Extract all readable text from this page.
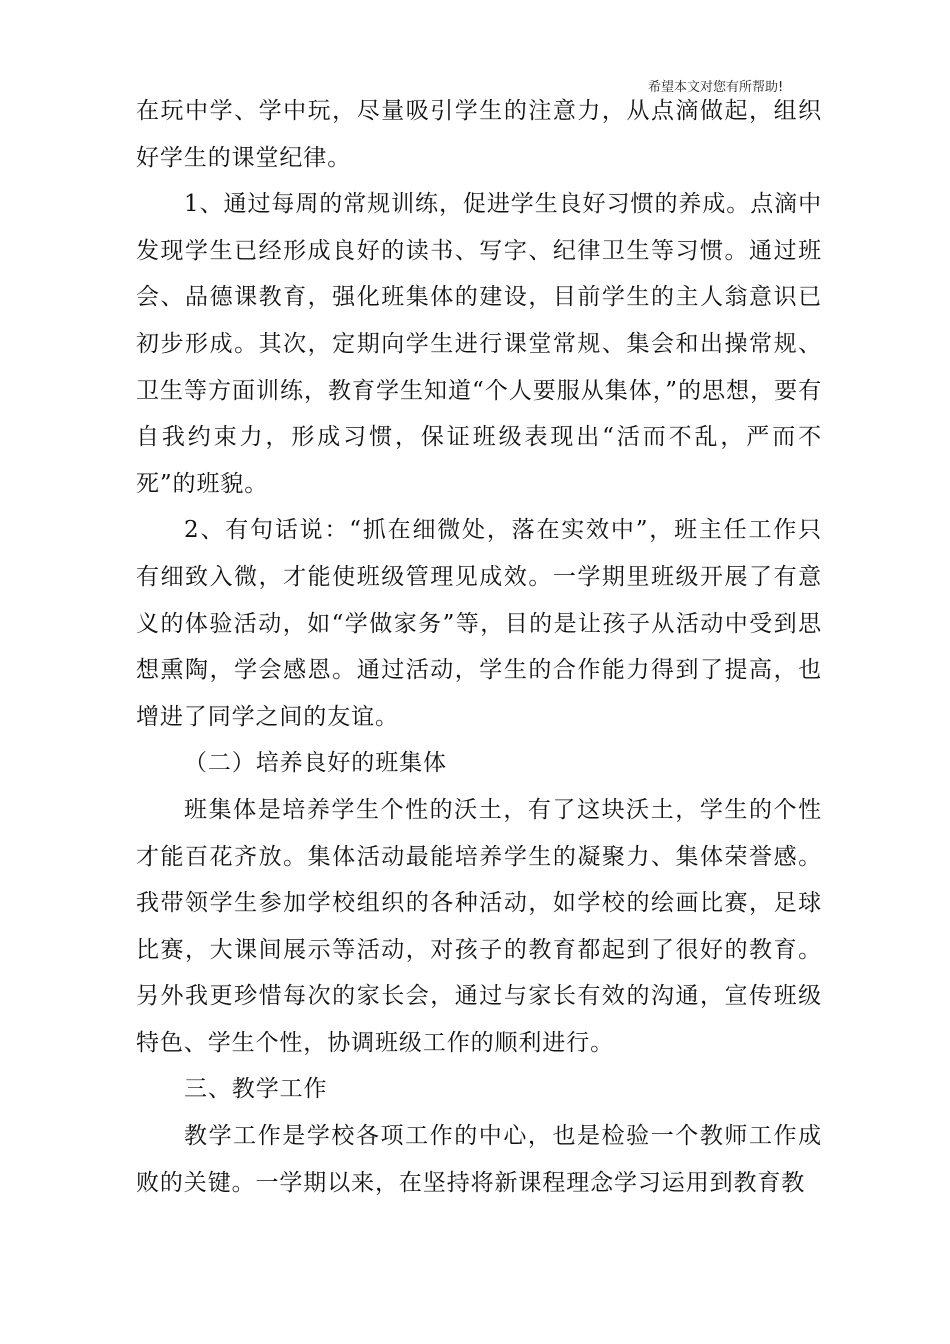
希望本文对您有所帮助!

在玩中学、学中玩，尽量吸引学生的注意力，从点滴做起，组织好学生的课堂纪律。

1、通过每周的常规训练，促进学生良好习惯的养成。点滴中发现学生已经形成良好的读书、写字、纪律卫生等习惯。通过班会、品德课教育，强化班集体的建设，目前学生的主人翁意识已初步形成。其次，定期向学生进行课堂常规、集会和出操常规、卫生等方面训练，教育学生知道“个人要服从集体，”的思想，要有自我约束力，形成习惯，保证班级表现出“活而不乱，严而不死”的班貌。

2、有句话说：“抓在细微处，落在实效中”，班主任工作只有细致入微，才能使班级管理见成效。一学期里班级开展了有意义的体验活动，如“学做家务”等，目的是让孩子从活动中受到思想熏陶，学会感恩。通过活动，学生的合作能力得到了提高，也增进了同学之间的友谊。

（二）培养良好的班集体

班集体是培养学生个性的沃土，有了这块沃土，学生的个性才能百花齐放。集体活动最能培养学生的凝聚力、集体荣誉感。我带领学生参加学校组织的各种活动，如学校的绘画比赛，足球比赛，大课间展示等活动，对孩子的教育都起到了很好的教育。另外我更珍惜每次的家长会，通过与家长有效的沟通，宣传班级特色、学生个性，协调班级工作的顺利进行。

三、教学工作

教学工作是学校各项工作的中心，也是检验一个教师工作成败的关键。一学期以来，在坚持将新课程理念学习运用到教育教
